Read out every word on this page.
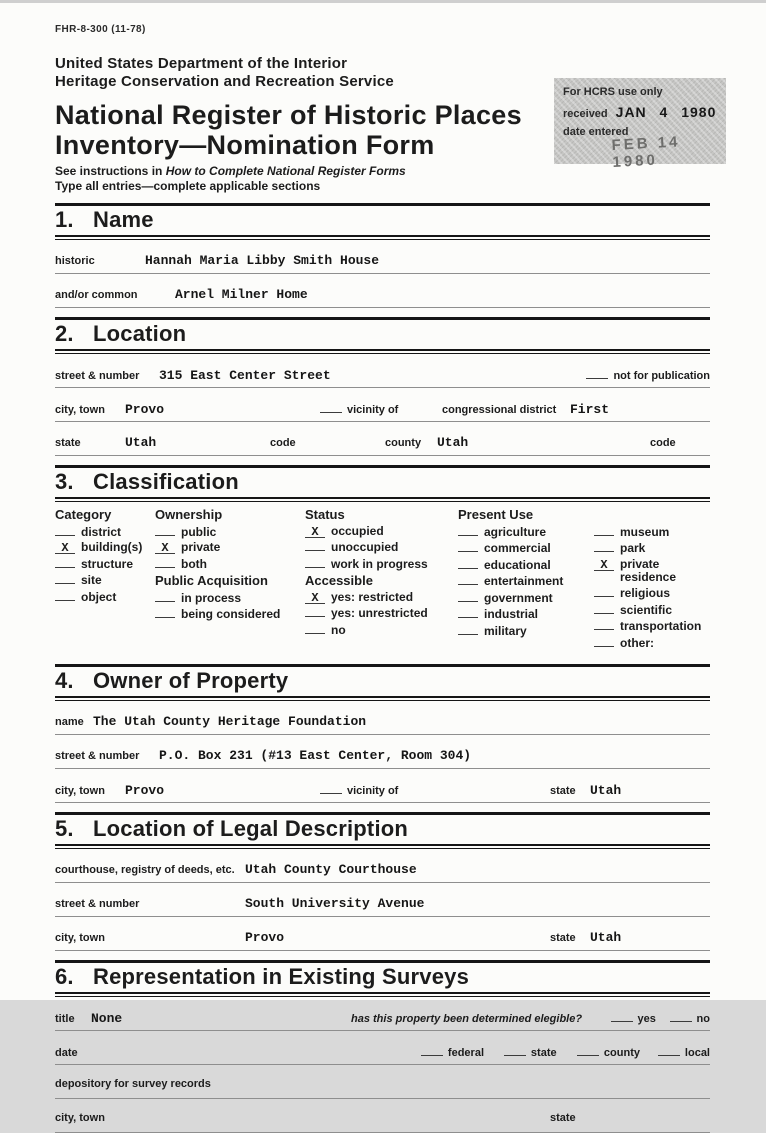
FHR-8-300 (11-78)
United States Department of the Interior
Heritage Conservation and Recreation Service
National Register of Historic Places
Inventory—Nomination Form
See instructions in How to Complete National Register Forms
Type all entries—complete applicable sections
For HCRS use only
received JAN 4 1980
date entered
FEB 14 1980
1. Name
historic	Hannah Maria Libby Smith House
and/or common	Arnel Milner Home
2. Location
street & number	315 East Center Street	not for publication
city, town	Provo	vicinity of	congressional district	First
state	Utah	code	county	Utah	code
3. Classification
Category
district
X	building(s)
structure
site
object
Ownership
public
X	private
both
Public Acquisition
in process
being considered
Status
X	occupied
unoccupied
work in progress
Accessible
X	yes: restricted
yes: unrestricted
no
Present Use
agriculture
commercial
educational
entertainment
government
industrial
military
museum
park
X	private residence
religious
scientific
transportation
other:
4. Owner of Property
name The Utah County Heritage Foundation
street & number	P.O. Box 231 (#13 East Center, Room 304)
city, town	Provo	vicinity of	state	Utah
5. Location of Legal Description
courthouse, registry of deeds, etc. Utah County Courthouse
street & number	South University Avenue
city, town	Provo	state	Utah
6. Representation in Existing Surveys
title	None	has this property been determined elegible?	yes	no
date	federal	state	county	local
depository for survey records
city, town	state
